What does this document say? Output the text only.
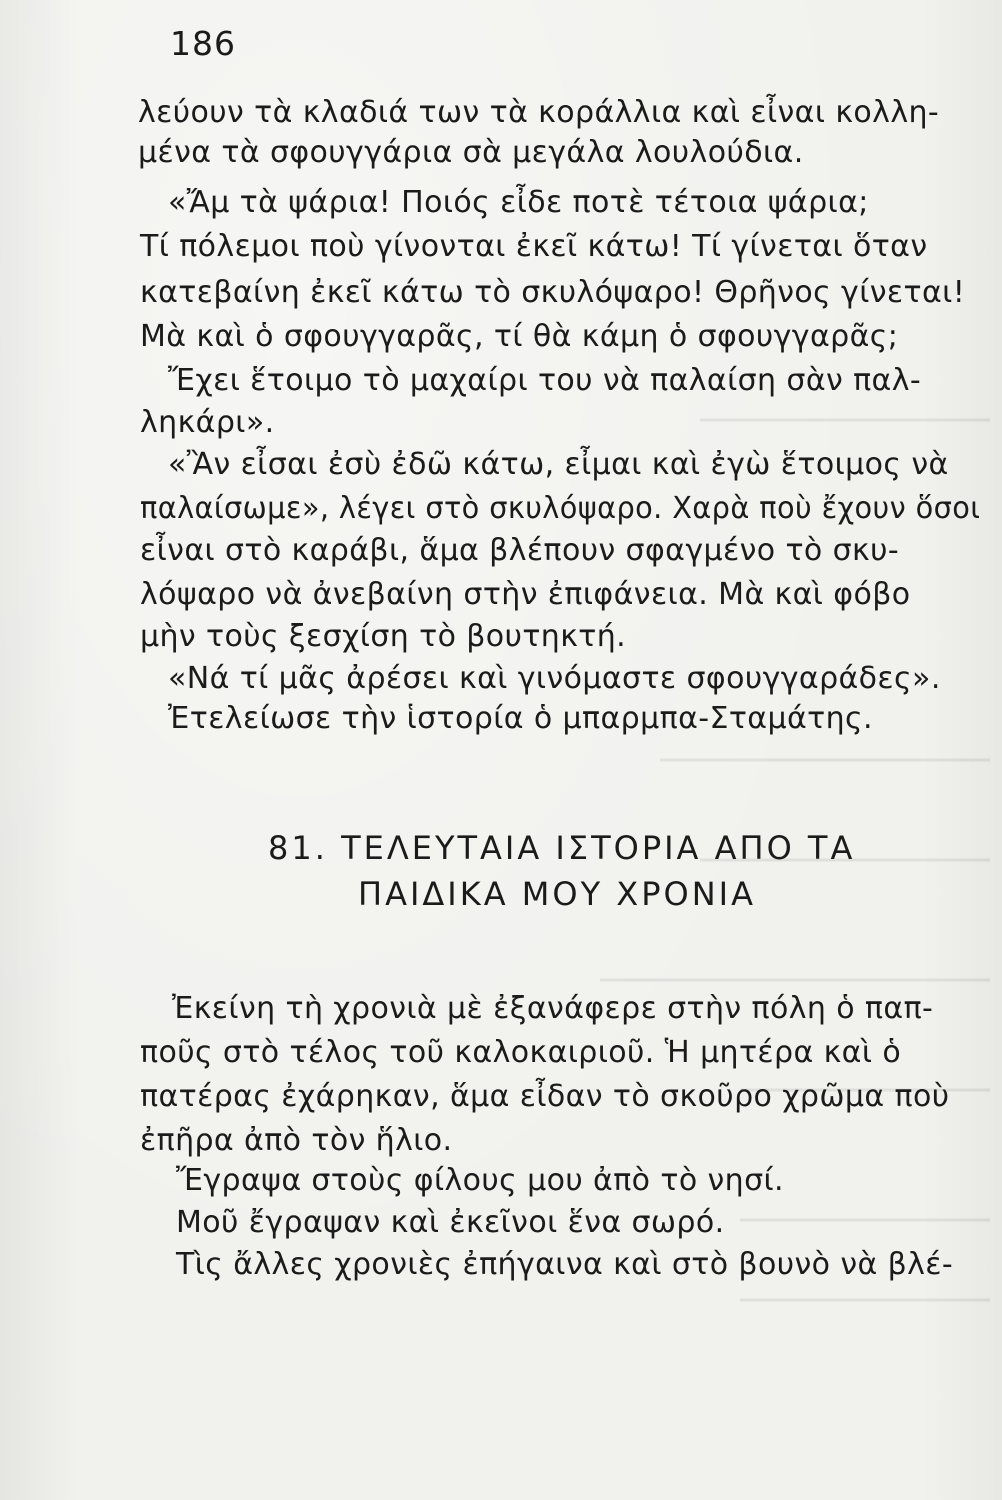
186
λεύουν τὰ κλαδιά των τὰ κοράλλια καὶ εἶναι κολλη-
μένα τὰ σφουγγάρια σὰ μεγάλα λουλούδια.
«Ἄμ τὰ ψάρια! Ποιός εἶδε ποτὲ τέτοια ψάρια;
Τί πόλεμοι ποὺ γίνονται ἐκεῖ κάτω! Τί γίνεται ὅταν
κατεβαίνη ἐκεῖ κάτω τὸ σκυλόψαρο! Θρῆνος γίνεται!
Μὰ καὶ ὁ σφουγγαρᾶς, τί θὰ κάμη ὁ σφουγγαρᾶς;
Ἔχει ἕτοιμο τὸ μαχαίρι του νὰ παλαίση σὰν παλ-
ληκάρι».
«Ἂν εἶσαι ἐσὺ ἐδῶ κάτω, εἶμαι καὶ ἐγὼ ἕτοιμος νὰ
παλαίσωμε», λέγει στὸ σκυλόψαρο. Χαρὰ ποὺ ἔχουν ὅσοι
εἶναι στὸ καράβι, ἅμα βλέπουν σφαγμένο τὸ σκυ-
λόψαρο νὰ ἀνεβαίνη στὴν ἐπιφάνεια. Μὰ καὶ φόβο
μὴν τοὺς ξεσχίση τὸ βουτηκτή.
«Νά τί μᾶς ἀρέσει καὶ γινόμαστε σφουγγαράδες».
Ἐτελείωσε τὴν ἱστορία ὁ μπαρμπα-Σταμάτης.
81. ΤΕΛΕΥΤΑΙΑ ΙΣΤΟΡΙΑ ΑΠΟ ΤΑ
ΠΑΙΔΙΚΑ ΜΟΥ ΧΡΟΝΙΑ
Ἐκείνη τὴ χρονιὰ μὲ ἐξανάφερε στὴν πόλη ὁ παπ-
ποῦς στὸ τέλος τοῦ καλοκαιριοῦ. Ἡ μητέρα καὶ ὁ
πατέρας ἐχάρηκαν, ἅμα εἶδαν τὸ σκοῦρο χρῶμα ποὺ
ἐπῆρα ἀπὸ τὸν ἥλιο.
Ἔγραψα στοὺς φίλους μου ἀπὸ τὸ νησί.
Μοῦ ἔγραψαν καὶ ἐκεῖνοι ἕνα σωρό.
Τὶς ἄλλες χρονιὲς ἐπήγαινα καὶ στὸ βουνὸ νὰ βλέ-
